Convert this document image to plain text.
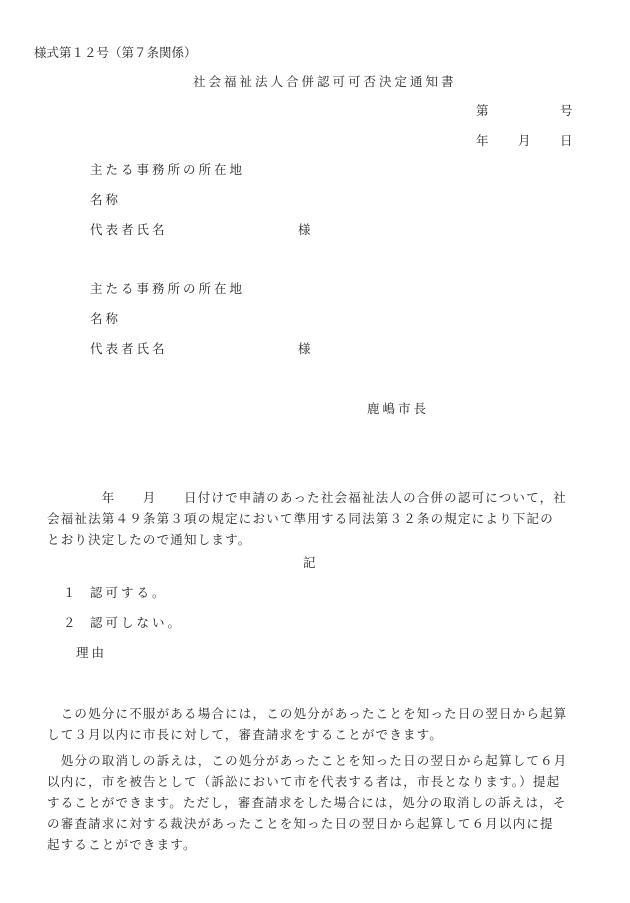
様式第１２号（第７条関係）
社会福祉法人合併認可可否決定通知書
第	号
年 月 日
主たる事務所の所在地
名称
代表者氏名	様
主たる事務所の所在地
名称
代表者氏名	様
鹿嶋市長
　　　　年　　月　　日付けで申請のあった社会福祉法人の合併の認可について，社
会福祉法第４９条第３項の規定において準用する同法第３２条の規定により下記の
とおり決定したので通知します。
記
１ 認可する。
２ 認可しない。
理由
　この処分に不服がある場合には，この処分があったことを知った日の翌日から起算
して３月以内に市長に対して，審査請求をすることができます。
　処分の取消しの訴えは，この処分があったことを知った日の翌日から起算して６月
以内に，市を被告として（訴訟において市を代表する者は，市長となります。）提起
することができます。ただし，審査請求をした場合には，処分の取消しの訴えは，そ
の審査請求に対する裁決があったことを知った日の翌日から起算して６月以内に提
起することができます。
